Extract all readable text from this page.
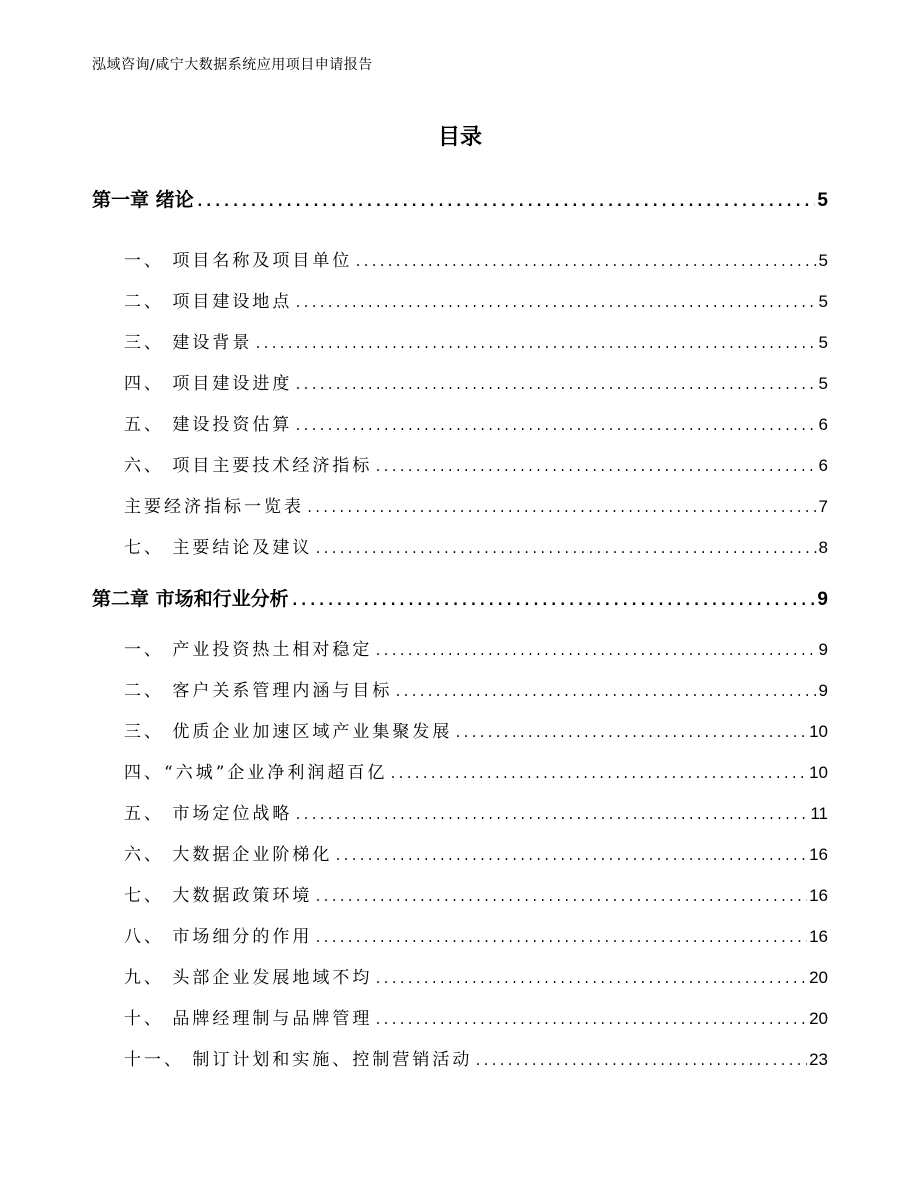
泓域咨询/咸宁大数据系统应用项目申请报告
目录
第一章 绪论 .....	5
一、 项目名称及项目单位 .....	5
二、 项目建设地点 .....	5
三、 建设背景 .....	5
四、 项目建设进度 .....	5
五、 建设投资估算 .....	6
六、 项目主要技术经济指标 .....	6
主要经济指标一览表 .....	7
七、 主要结论及建议 .....	8
第二章 市场和行业分析 .....	9
一、 产业投资热土相对稳定 .....	9
二、 客户关系管理内涵与目标 .....	9
三、 优质企业加速区域产业集聚发展 .....	10
四、“六城”企业净利润超百亿 .....	10
五、 市场定位战略 .....	11
六、 大数据企业阶梯化 .....	16
七、 大数据政策环境 .....	16
八、 市场细分的作用 .....	16
九、 头部企业发展地域不均 .....	20
十、 品牌经理制与品牌管理 .....	20
十一、 制订计划和实施、控制营销活动 .....	23
